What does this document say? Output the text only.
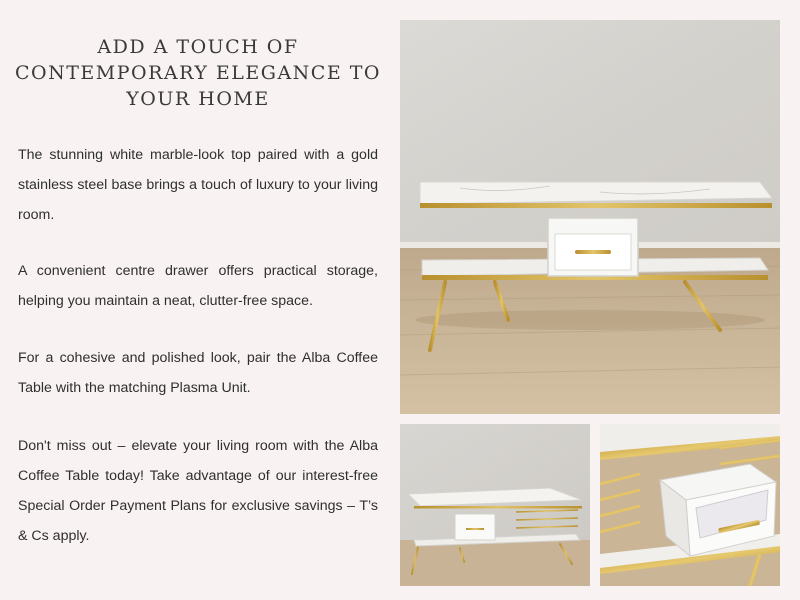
ADD A TOUCH OF CONTEMPORARY ELEGANCE TO YOUR HOME

The stunning white marble-look top paired with a gold stainless steel base brings a touch of luxury to your living room.

A convenient centre drawer offers practical storage, helping you maintain a neat, clutter-free space.

For a cohesive and polished look, pair the Alba Coffee Table with the matching Plasma Unit.

Don't miss out – elevate your living room with the Alba Coffee Table today! Take advantage of our interest-free Special Order Payment Plans for exclusive savings – T’s & Cs apply.
